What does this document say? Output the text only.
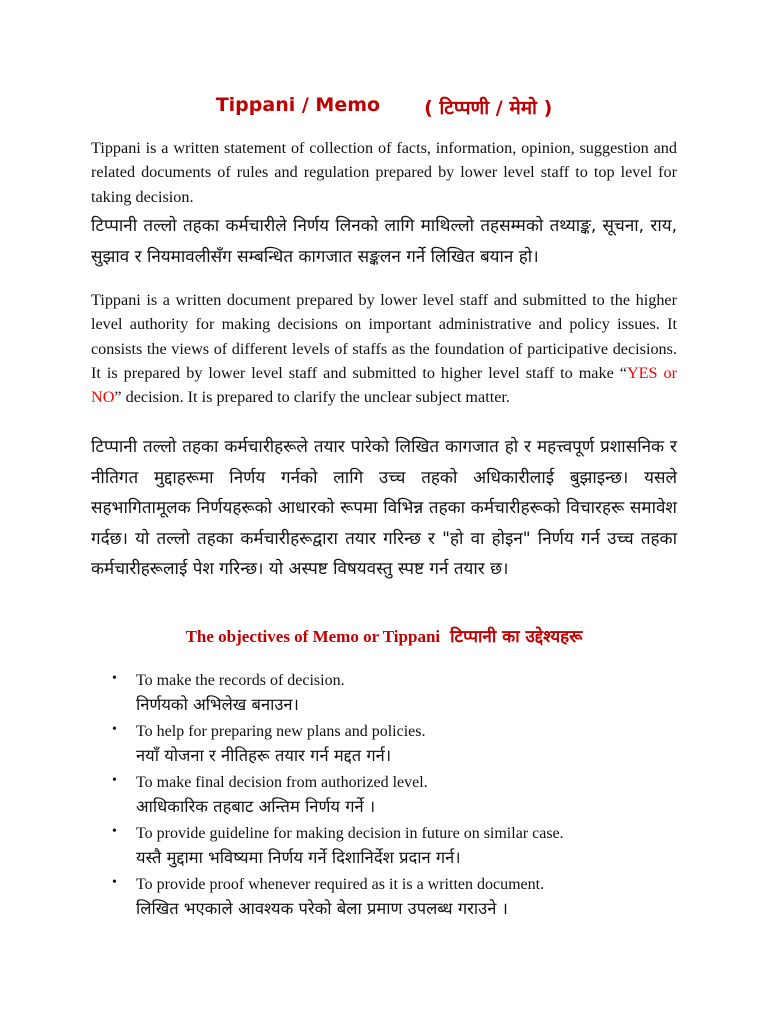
Tippani / Memo ( टिप्पणी / मेमो )

Tippani is a written statement of collection of facts, information, opinion, suggestion and related documents of rules and regulation prepared by lower level staff to top level for taking decision.

टिप्पानी तल्लो तहका कर्मचारीले निर्णय लिनको लागि माथिल्लो तहसम्मको तथ्याङ्क, सूचना, राय, सुझाव र नियमावलीसँग सम्बन्धित कागजात सङ्कलन गर्ने लिखित बयान हो।

Tippani is a written document prepared by lower level staff and submitted to the higher level authority for making decisions on important administrative and policy issues. It consists the views of different levels of staffs as the foundation of participative decisions. It is prepared by lower level staff and submitted to higher level staff to make “YES or NO” decision. It is prepared to clarify the unclear subject matter.

टिप्पानी तल्लो तहका कर्मचारीहरूले तयार पारेको लिखित कागजात हो र महत्त्वपूर्ण प्रशासनिक र नीतिगत मुद्दाहरूमा निर्णय गर्नको लागि उच्च तहको अधिकारीलाई बुझाइन्छ। यसले सहभागितामूलक निर्णयहरूको आधारको रूपमा विभिन्न तहका कर्मचारीहरूको विचारहरू समावेश गर्दछ। यो तल्लो तहका कर्मचारीहरूद्वारा तयार गरिन्छ र "हो वा होइन" निर्णय गर्न उच्च तहका कर्मचारीहरूलाई पेश गरिन्छ। यो अस्पष्ट विषयवस्तु स्पष्ट गर्न तयार छ।

The objectives of Memo or Tippani टिप्पानी का उद्देश्यहरू
• To make the records of decision.
निर्णयको अभिलेख बनाउन।
• To help for preparing new plans and policies.
नयाँ योजना र नीतिहरू तयार गर्न मद्दत गर्न।
• To make final decision from authorized level.
आधिकारिक तहबाट अन्तिम निर्णय गर्ने ।
• To provide guideline for making decision in future on similar case.
यस्तै मुद्दामा भविष्यमा निर्णय गर्ने दिशानिर्देश प्रदान गर्न।
• To provide proof whenever required as it is a written document.
लिखित भएकाले आवश्यक परेको बेला प्रमाण उपलब्ध गराउने ।
